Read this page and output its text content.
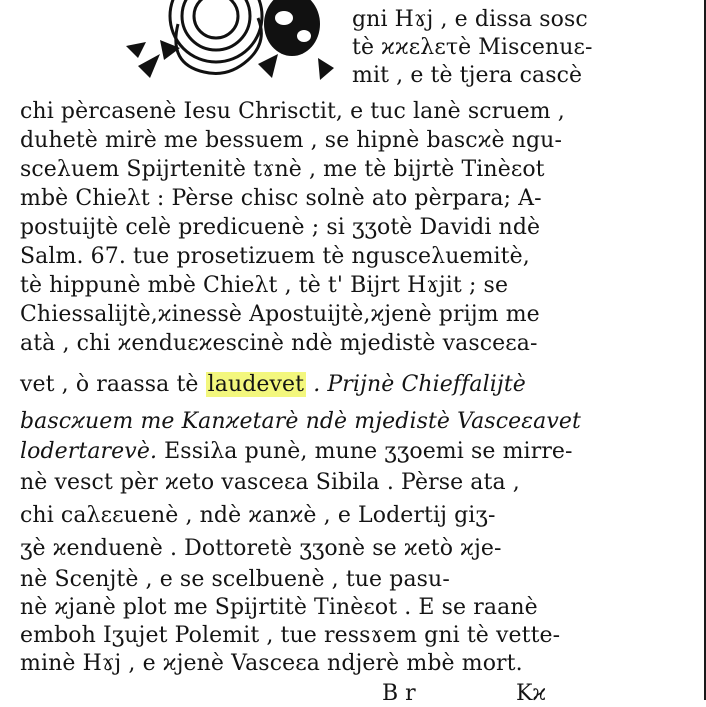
gni Hɤj , e dissa sosc
tè ϰϰελετè Miscenuε-
mit , e tè tjera cascè
chi pèrcasenè Iesu Chrisctit, e tuc lanè scruem ,
duhetè mirè me bessuem , se hipnè bascϰè ngu-
sceλuem Spijrtenitè tɤnè , me tè bijrtè Tinèεot
mbè Chieλt : Pèrse chisc solnè ato pèrpara; A-
postuijtè celè predicuenè ; si ʒʒotè Davidi ndè
Salm. 67. tue prosetizuem tè ngusceλuemitè,
tè hippunè mbè Chieλt , tè t' Bijrt Hɤjit ; se
Chiessalijtè,ϰinessè Apostuijtè,ϰjenè prijm me
atà , chi ϰenduεϰescinè ndè mjedistè vasceεa-
vet , ò raassa tè laudevet . Prijnè Chieffalijtè
bascϰuem me Kanϰetarè ndè mjedistè Vasceεavet
lodertarevè. Essiλa punè, mune ʒʒoemi se mirre-
nè vesct pèr ϰeto vasceεa Sibila . Pèrse ata ,
chi caλεεuenè , ndè ϰanϰè , e Lodertij giʒ-
ʒè ϰenduenè . Dottoretè ʒʒonè se ϰetò ϰje-
nè Scenjtè , e se scelbuenè , tue pasu-
nè ϰjanè plot me Spijrtitè Tinèεot . E se raanè
emboh Iʒujet Polemit , tue ressɤem gni tè vette-
minè Hɤj , e ϰjenè Vasceεa ndjerè mbè mort.
B r	Kϰ
